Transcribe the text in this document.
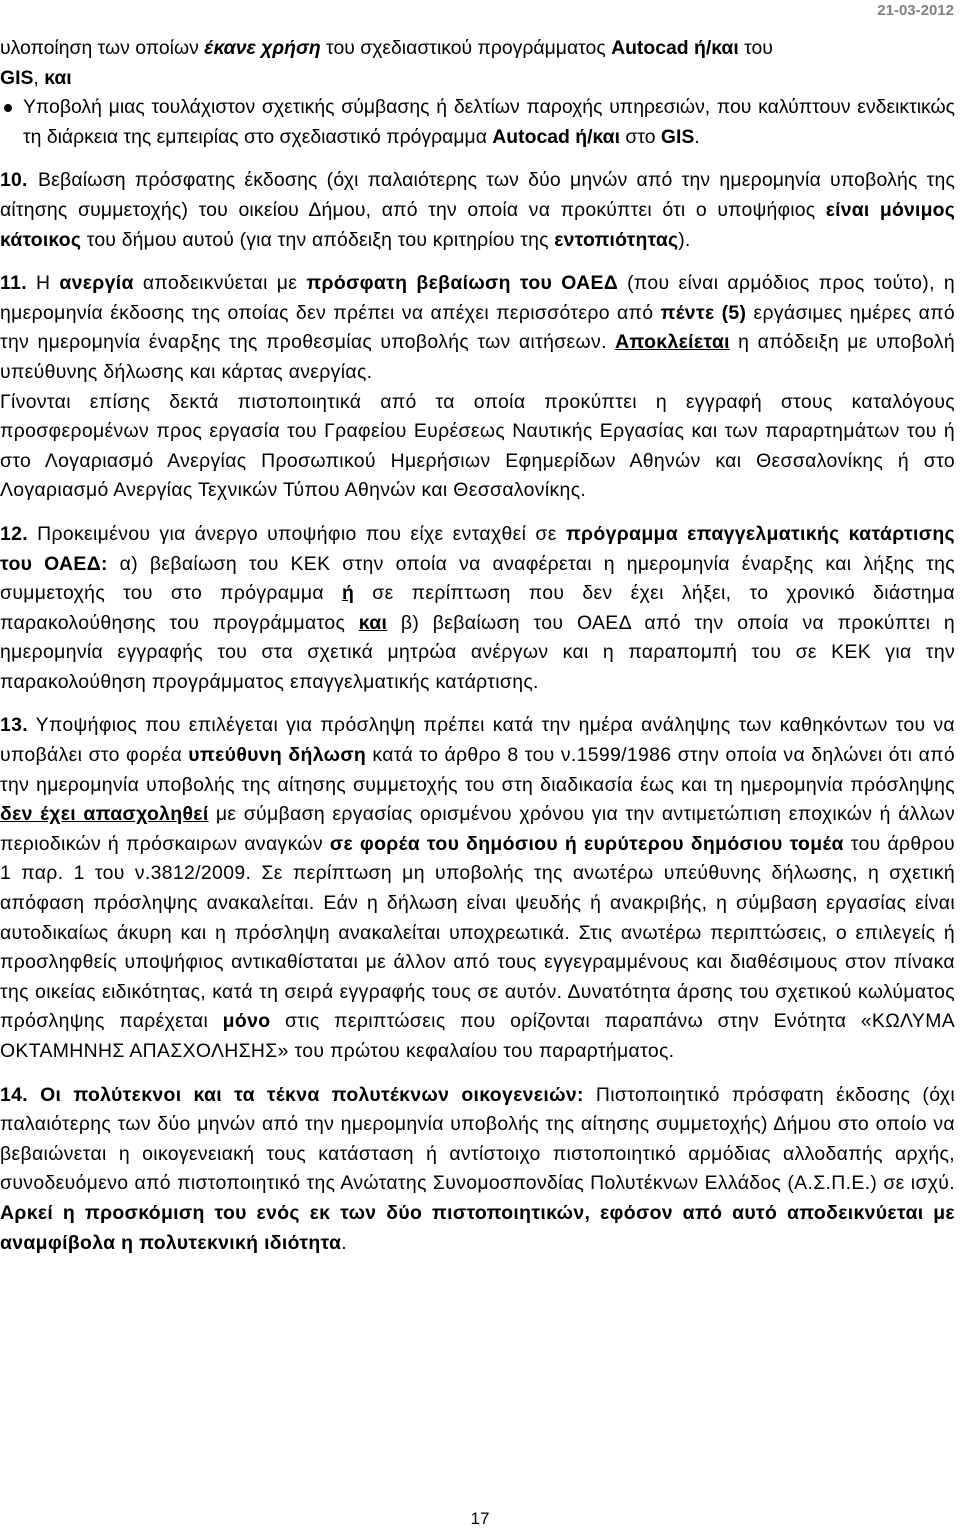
21-03-2012

υλοποίηση των οποίων έκανε χρήση του σχεδιαστικού προγράμματος Autocad ή/και του
GIS, και

Υποβολή μιας τουλάχιστον σχετικής σύμβασης ή δελτίων παροχής υπηρεσιών, που καλύπτουν ενδεικτικώς τη διάρκεια της εμπειρίας στο σχεδιαστικό πρόγραμμα Autocad ή/και στο GIS.

10. Βεβαίωση πρόσφατης έκδοσης (όχι παλαιότερης των δύο μηνών από την ημερομηνία υποβολής της αίτησης συμμετοχής) του οικείου Δήμου, από την οποία να προκύπτει ότι ο υποψήφιος είναι μόνιμος κάτοικος του δήμου αυτού (για την απόδειξη του κριτηρίου της εντοπιότητας).

11. Η ανεργία αποδεικνύεται με πρόσφατη βεβαίωση του ΟΑΕΔ (που είναι αρμόδιος προς τούτο), η ημερομηνία έκδοσης της οποίας δεν πρέπει να απέχει περισσότερο από πέντε (5) εργάσιμες ημέρες από την ημερομηνία έναρξης της προθεσμίας υποβολής των αιτήσεων. Αποκλείεται η απόδειξη με υποβολή υπεύθυνης δήλωσης και κάρτας ανεργίας.

Γίνονται επίσης δεκτά πιστοποιητικά από τα οποία προκύπτει η εγγραφή στους καταλόγους προσφερομένων προς εργασία του Γραφείου Ευρέσεως Ναυτικής Εργασίας και των παραρτημάτων του ή στο Λογαριασμό Ανεργίας Προσωπικού Ημερήσιων Εφημερίδων Αθηνών και Θεσσαλονίκης ή στο Λογαριασμό Ανεργίας Τεχνικών Τύπου Αθηνών και Θεσσαλονίκης.

12. Προκειμένου για άνεργο υποψήφιο που είχε ενταχθεί σε πρόγραμμα επαγγελματικής κατάρτισης του ΟΑΕΔ: α) βεβαίωση του ΚΕΚ στην οποία να αναφέρεται η ημερομηνία έναρξης και λήξης της συμμετοχής του στο πρόγραμμα ή σε περίπτωση που δεν έχει λήξει, το χρονικό διάστημα παρακολούθησης του προγράμματος και β) βεβαίωση του ΟΑΕΔ από την οποία να προκύπτει η ημερομηνία εγγραφής του στα σχετικά μητρώα ανέργων και η παραπομπή του σε ΚΕΚ για την παρακολούθηση προγράμματος επαγγελματικής κατάρτισης.

13. Υποψήφιος που επιλέγεται για πρόσληψη πρέπει κατά την ημέρα ανάληψης των καθηκόντων του να υποβάλει στο φορέα υπεύθυνη δήλωση κατά το άρθρο 8 του ν.1599/1986 στην οποία να δηλώνει ότι από την ημερομηνία υποβολής της αίτησης συμμετοχής του στη διαδικασία έως και τη ημερομηνία πρόσληψης δεν έχει απασχοληθεί με σύμβαση εργασίας ορισμένου χρόνου για την αντιμετώπιση εποχικών ή άλλων περιοδικών ή πρόσκαιρων αναγκών σε φορέα του δημόσιου ή ευρύτερου δημόσιου τομέα του άρθρου 1 παρ. 1 του ν.3812/2009. Σε περίπτωση μη υποβολής της ανωτέρω υπεύθυνης δήλωσης, η σχετική απόφαση πρόσληψης ανακαλείται. Εάν η δήλωση είναι ψευδής ή ανακριβής, η σύμβαση εργασίας είναι αυτοδικαίως άκυρη και η πρόσληψη ανακαλείται υποχρεωτικά. Στις ανωτέρω περιπτώσεις, ο επιλεγείς ή προσληφθείς υποψήφιος αντικαθίσταται με άλλον από τους εγγεγραμμένους και διαθέσιμους στον πίνακα της οικείας ειδικότητας, κατά τη σειρά εγγραφής τους σε αυτόν. Δυνατότητα άρσης του σχετικού κωλύματος πρόσληψης παρέχεται μόνο στις περιπτώσεις που ορίζονται παραπάνω στην Ενότητα «ΚΩΛΥΜΑ ΟΚΤΑΜΗΝΗΣ ΑΠΑΣΧΟΛΗΣΗΣ» του πρώτου κεφαλαίου του παραρτήματος.

14. Οι πολύτεκνοι και τα τέκνα πολυτέκνων οικογενειών: Πιστοποιητικό πρόσφατη έκδοσης (όχι παλαιότερης των δύο μηνών από την ημερομηνία υποβολής της αίτησης συμμετοχής) Δήμου στο οποίο να βεβαιώνεται η οικογενειακή τους κατάσταση ή αντίστοιχο πιστοποιητικό αρμόδιας αλλοδαπής αρχής, συνοδευόμενο από πιστοποιητικό της Ανώτατης Συνομοσπονδίας Πολυτέκνων Ελλάδος (Α.Σ.Π.Ε.) σε ισχύ. Αρκεί η προσκόμιση του ενός εκ των δύο πιστοποιητικών, εφόσον από αυτό αποδεικνύεται με αναμφίβολα η πολυτεκνική ιδιότητα.

17
